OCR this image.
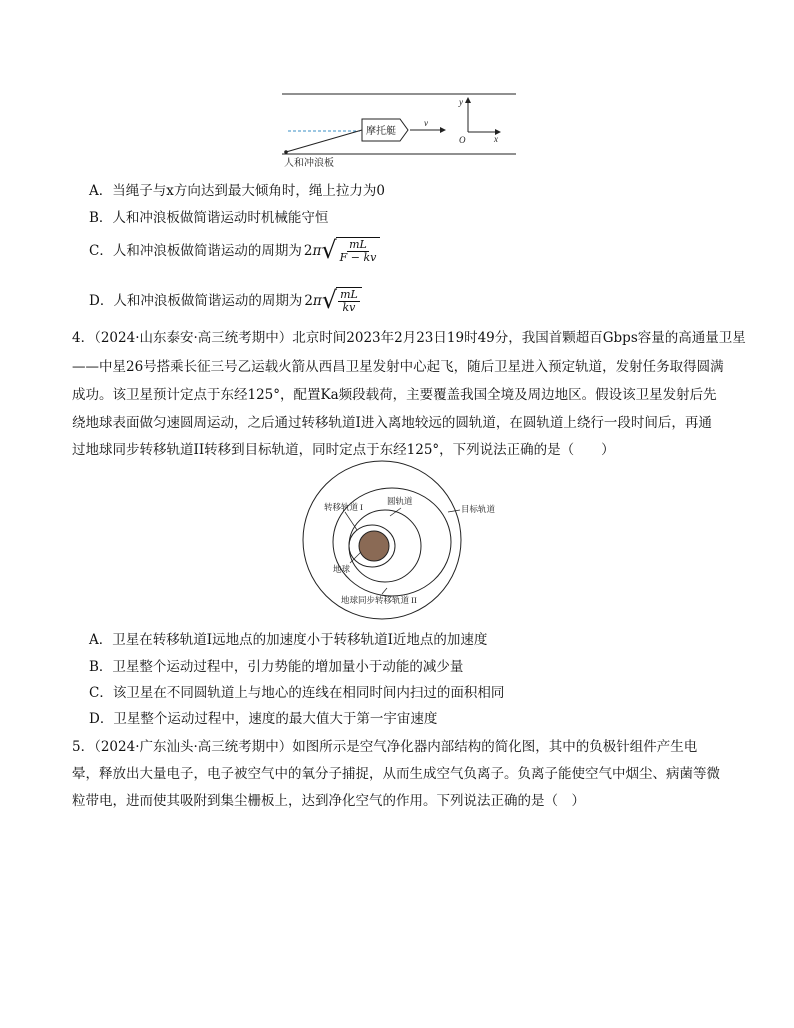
摩托艇
v
y
x
O
人和冲浪板
A．当绳子与x方向达到最大倾角时，绳上拉力为0
B．人和冲浪板做简谐运动时机械能守恒
C．人和冲浪板做简谐运动的周期为 2 π √ $\frac{mL}{F - kv}$
D．人和冲浪板做简谐运动的周期为 2 π √ $\frac{mL}{kv}$
4．（2024·山东泰安·高三统考期中）北京时间2023年2月23日19时49分，我国首颗超百Gbps容量的高通量卫星
——中星26号搭乘长征三号乙运载火箭从西昌卫星发射中心起飞，随后卫星进入预定轨道，发射任务取得圆满
成功。该卫星预计定点于东经125°，配置Ka频段载荷，主要覆盖我国全境及周边地区。假设该卫星发射后先
绕地球表面做匀速圆周运动，之后通过转移轨道I进入离地较远的圆轨道，在圆轨道上绕行一段时间后，再通
过地球同步转移轨道II转移到目标轨道，同时定点于东经125°，下列说法正确的是（　　）
转移轨道 I
圆轨道
目标轨道
地球
地球同步转移轨道 II
A．卫星在转移轨道I远地点的加速度小于转移轨道I近地点的加速度
B．卫星整个运动过程中，引力势能的增加量小于动能的减少量
C．该卫星在不同圆轨道上与地心的连线在相同时间内扫过的面积相同
D．卫星整个运动过程中，速度的最大值大于第一宇宙速度
5．（2024·广东汕头·高三统考期中）如图所示是空气净化器内部结构的简化图，其中的负极针组件产生电
晕，释放出大量电子，电子被空气中的氧分子捕捉，从而生成空气负离子。负离子能使空气中烟尘、病菌等微
粒带电，进而使其吸附到集尘栅板上，达到净化空气的作用。下列说法正确的是（　）
